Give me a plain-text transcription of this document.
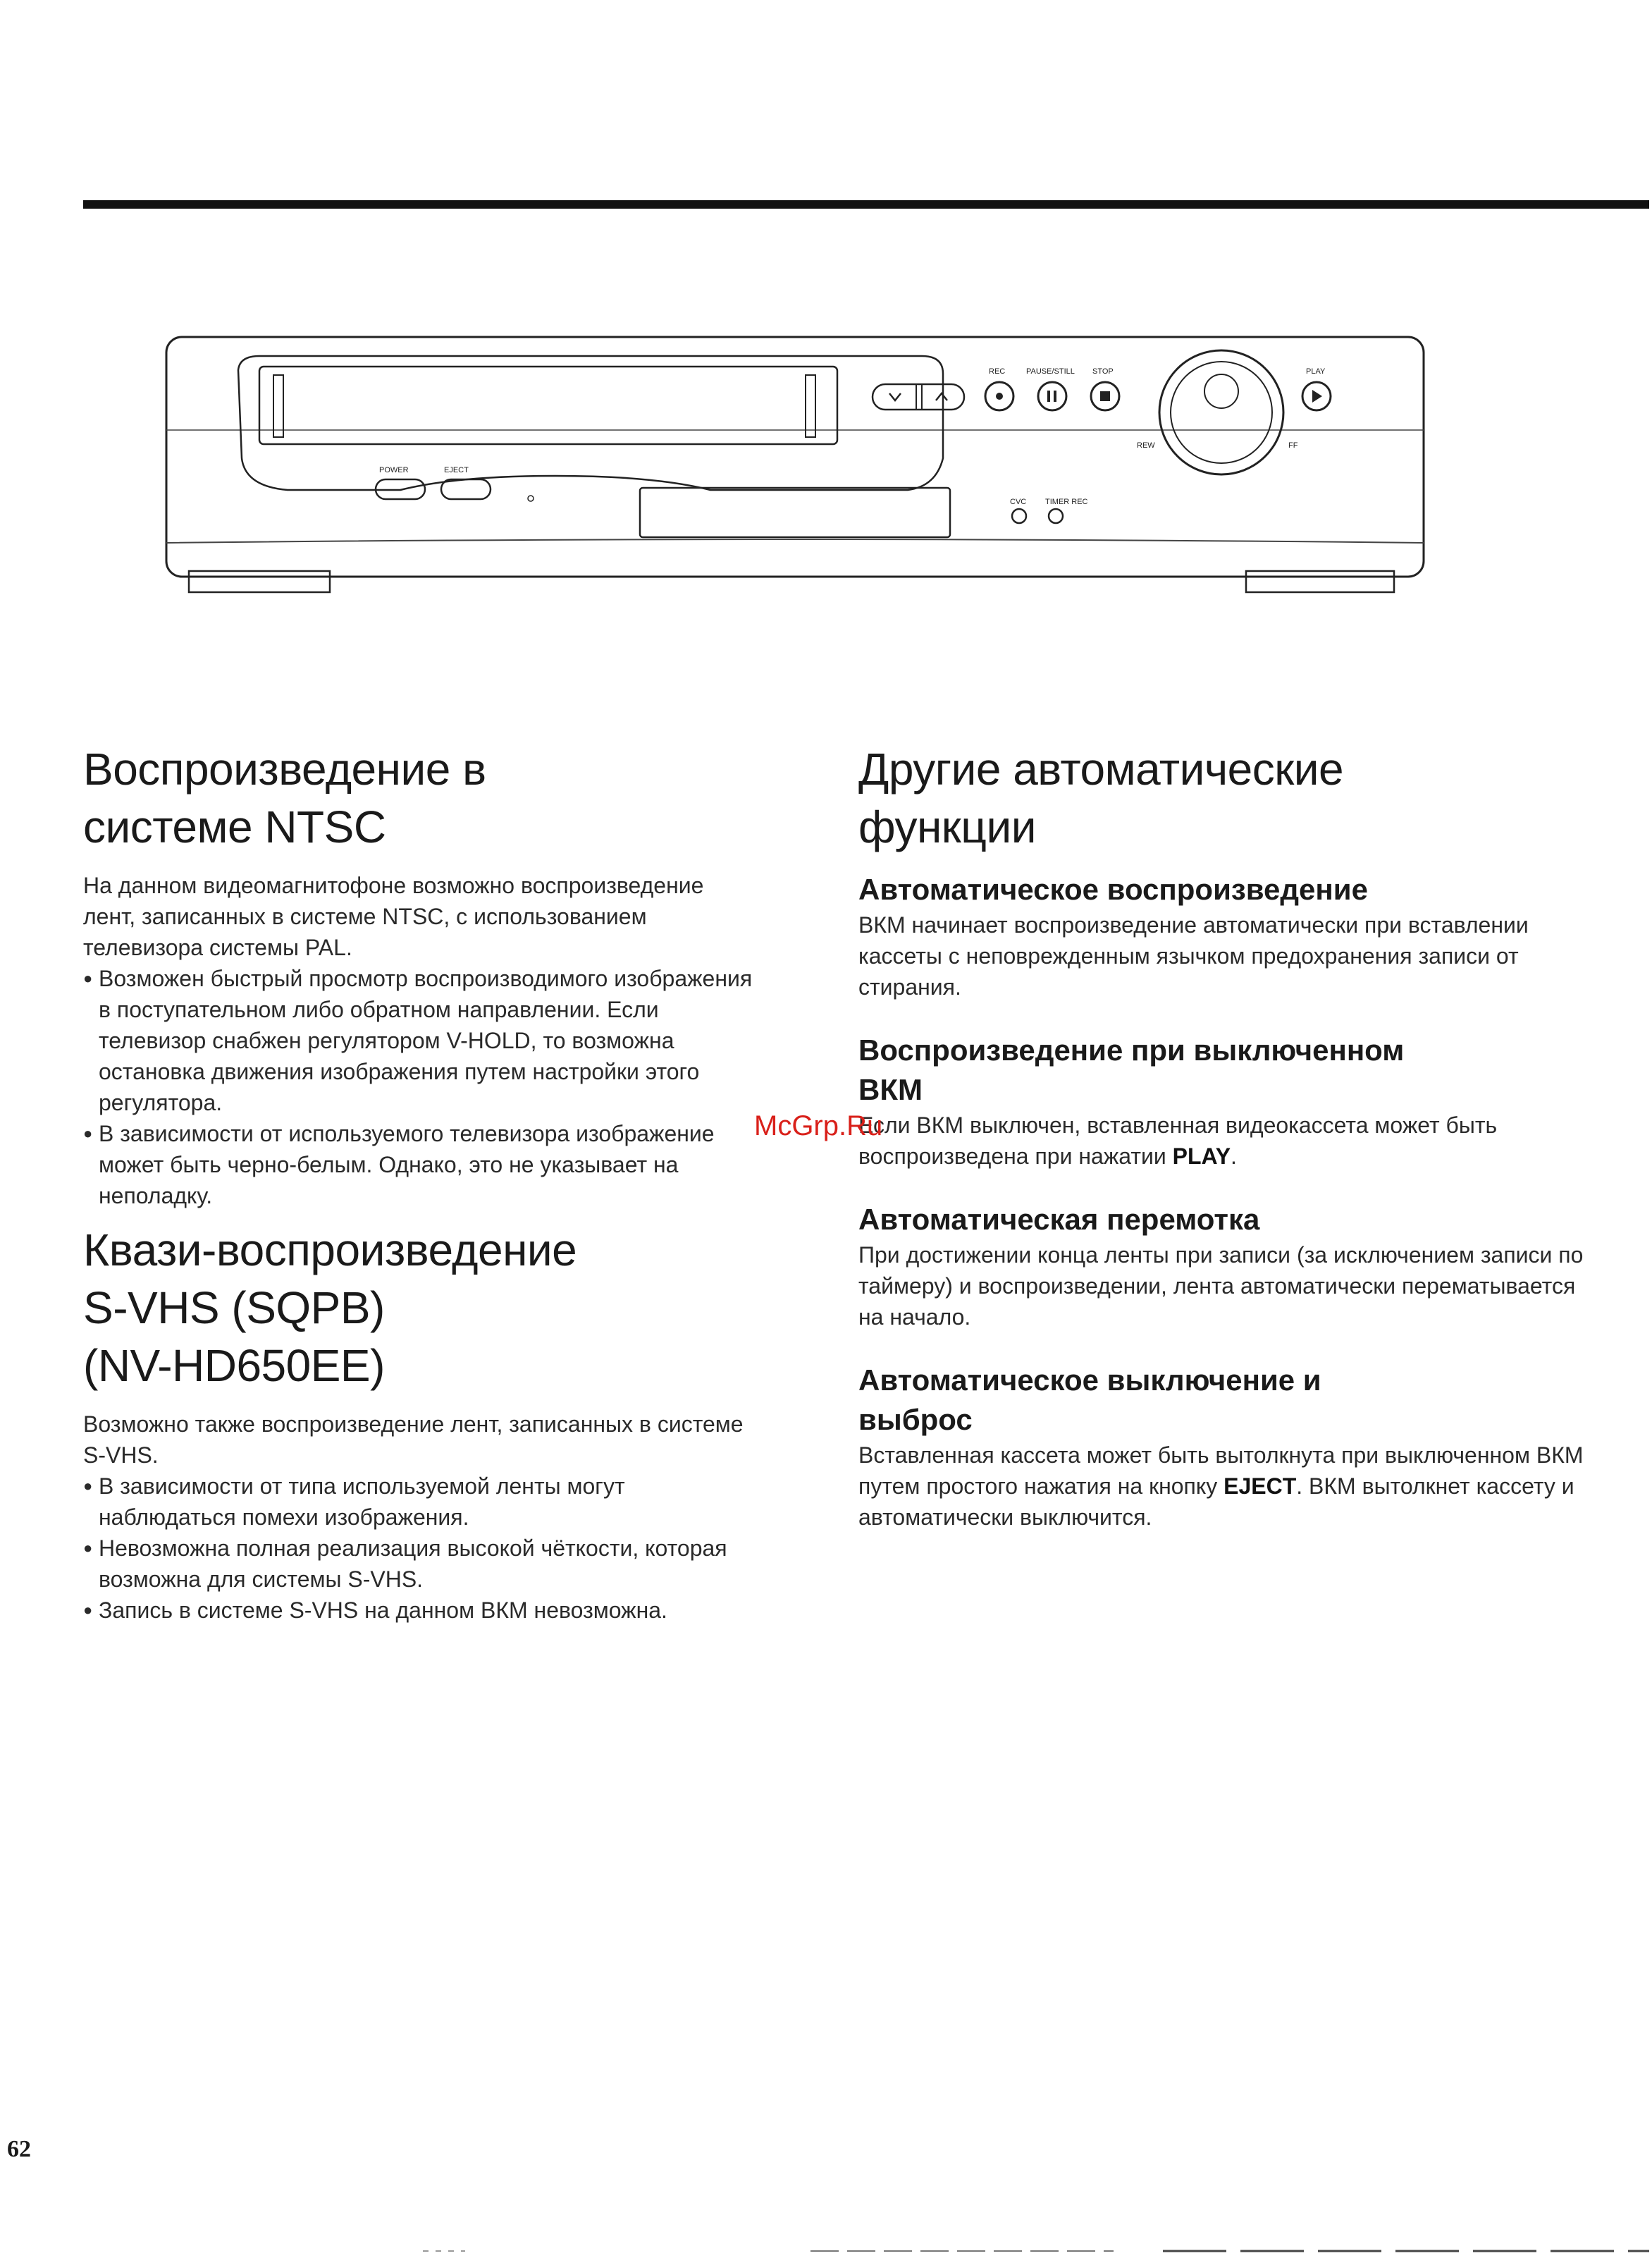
POWER	EJECT
REC	PAUSE/STILL STOP
REW	FF
PLAY
CVC TIMER REC
Воспроизведение в
системе NTSC

На данном видеомагнитофоне возможно воспроизведение лент, записанных в системе NTSC, с использованием телевизора системы PAL.

● Возможен быстрый просмотр воспроизводимого изображения в поступательном либо обратном направлении. Если телевизор снабжен регулятором V-HOLD, то возможна остановка движения изображения путем настройки этого регулятора.
● В зависимости от используемого телевизора изображение может быть черно-белым. Однако, это не указывает на неполадку.
Квази-воспроизведение
S-VHS (SQPB)
(NV-HD650EE)

Возможно также воспроизведение лент, записанных в системе S-VHS.

● В зависимости от типа используемой ленты могут наблюдаться помехи изображения.
● Невозможна полная реализация высокой чёткости, которая возможна для системы S-VHS.
● Запись в системе S-VHS на данном ВКМ невозможна.
Другие автоматические
функции
Автоматическое воспроизведение

ВКМ начинает воспроизведение автоматически при вставлении кассеты с неповрежденным язычком предохранения записи от стирания.

Воспроизведение при выключенном
ВКМ

Если ВКМ выключен, вставленная видеокассета может быть воспроизведена при нажатии PLAY.

Автоматическая перемотка

При достижении конца ленты при записи (за исключением записи по таймеру) и воспроизведении, лента автоматически перематывается на начало.

Автоматическое выключение и
выброс

Вставленная кассета может быть вытолкнута при выключенном ВКМ путем простого нажатия на кнопку EJECT. ВКМ вытолкнет кассету и автоматически выключится.

McGrp.Ru
62
